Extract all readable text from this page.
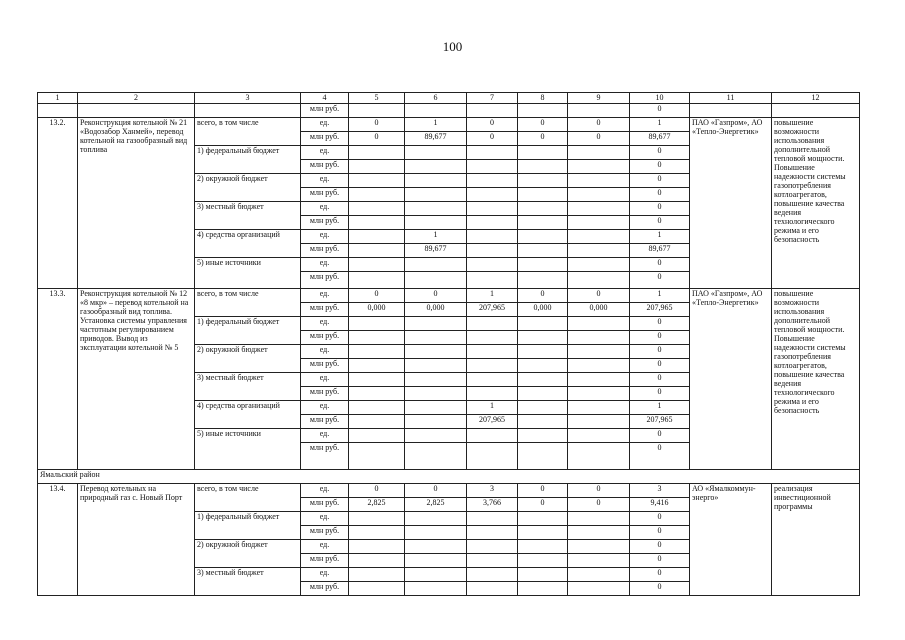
100
1	2	3	4	5	6	7	8	9	10	11	12
			млн руб.						0		
13.2.	Реконструкция котельной № 21 «Водозабор Ханмей», перевод котельной на газообразный вид топлива	всего, в том числе	ед.	0	1	0	0	0	1	ПАО «Газпром», АО «Тепло-Энергетик»	повышение возможности использования дополнительной тепловой мощности. Повышение надежности системы газопотребления котлоагрегатов, повышение качества ведения технологического режима и его безопасность
			млн руб.	0	89,677	0	0	0	89,677		
		1) федеральный бюджет	ед.						0		
			млн руб.						0		
		2) окружной бюджет	ед.						0		
			млн руб.						0		
		3) местный бюджет	ед.						0		
			млн руб.						0		
		4) средства организаций	ед.		1				1		
			млн руб.		89,677				89,677		
		5) иные источники	ед.						0		
			млн руб.						0		
13.3.	Реконструкция котельной № 12 «8 мкр» – перевод котельной на газообразный вид топлива. Установка системы управления частотным регулированием приводов. Вывод из эксплуатации котельной № 5	всего, в том числе	ед.	0	0	1	0	0	1	ПАО «Газпром», АО «Тепло-Энергетик»	повышение возможности использования дополнительной тепловой мощности. Повышение надежности системы газопотребления котлоагрегатов, повышение качества ведения технологического режима и его безопасность
			млн руб.	0,000	0,000	207,965	0,000	0,000	207,965		
		1) федеральный бюджет	ед.						0		
			млн руб.						0		
		2) окружной бюджет	ед.						0		
			млн руб.						0		
		3) местный бюджет	ед.						0		
			млн руб.						0		
		4) средства организаций	ед.			1			1		
			млн руб.			207,965			207,965		
		5) иные источники	ед.						0		
			млн руб.						0		
Ямальский район											
13.4.	Перевод котельных на природный газ с. Новый Порт	всего, в том числе	ед.	0	0	3	0	0	3	АО «Ямалкоммун-энерго»	реализация инвестиционной программы
			млн руб.	2,825	2,825	3,766	0	0	9,416		
		1) федеральный бюджет	ед.						0		
			млн руб.						0		
		2) окружной бюджет	ед.						0		
			млн руб.						0		
		3) местный бюджет	ед.						0		
			млн руб.						0		
